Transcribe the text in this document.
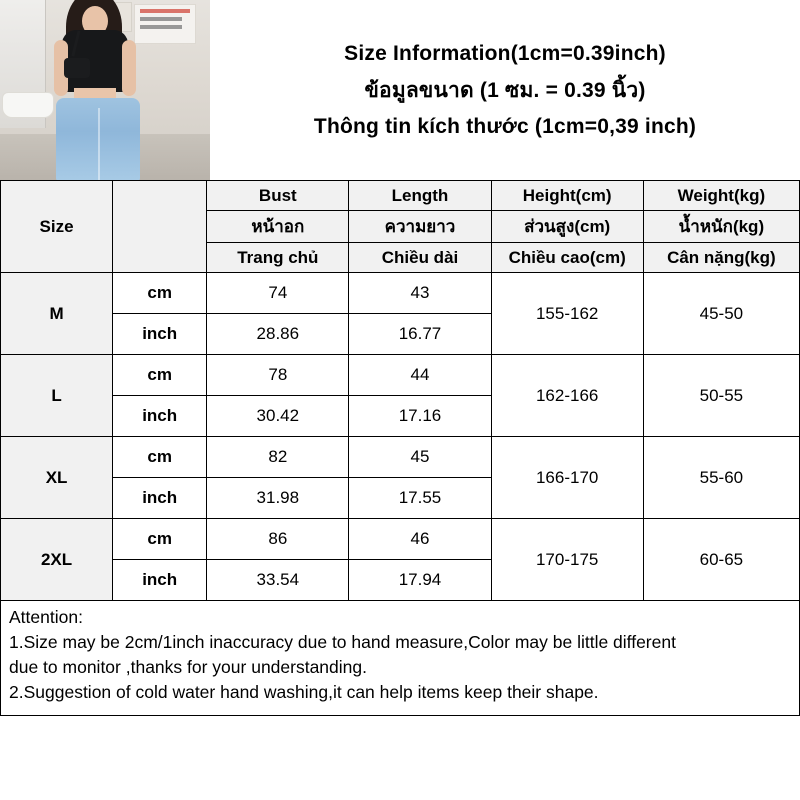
Size Information(1cm=0.39inch)
ข้อมูลขนาด (1 ซม. = 0.39 นิ้ว)
Thông tin kích thước (1cm=0,39 inch)
Size		Bust	Length	Height(cm)	Weight(kg)
		หน้าอก	ความยาว	ส่วนสูง(cm)	น้ำหนัก(kg)
		Trang chủ	Chiều dài	Chiều cao(cm)	Cân nặng(kg)
M	cm	74	43	155-162	45-50
	inch	28.86	16.77		
L	cm	78	44	162-166	50-55
	inch	30.42	17.16		
XL	cm	82	45	166-170	55-60
	inch	31.98	17.55		
2XL	cm	86	46	170-175	60-65
	inch	33.54	17.94		
Attention:
1.Size may be 2cm/1inch inaccuracy due to hand measure,Color may be little different
due to monitor ,thanks for your understanding.
2.Suggestion of cold water hand washing,it can help items keep their shape.
